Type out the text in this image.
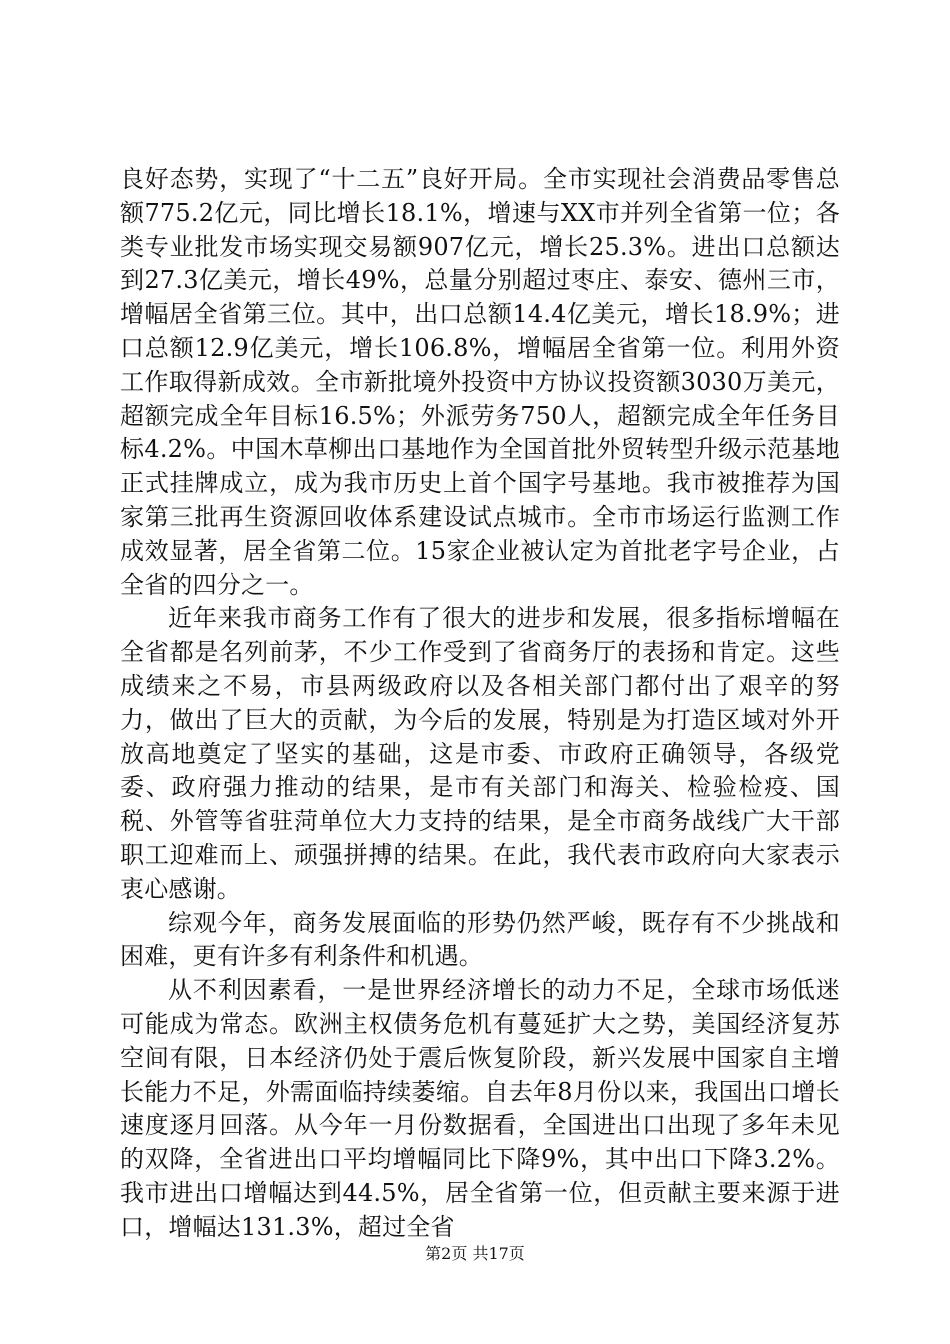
良好态势，实现了“十二五”良好开局。全市实现社会消费品零售总额775.2亿元，同比增长18.1%，增速与XX市并列全省第一位；各类专业批发市场实现交易额907亿元，增长25.3%。进出口总额达到27.3亿美元，增长49%，总量分别超过枣庄、泰安、德州三市，增幅居全省第三位。其中，出口总额14.4亿美元，增长18.9%；进口总额12.9亿美元，增长106.8%，增幅居全省第一位。利用外资工作取得新成效。全市新批境外投资中方协议投资额3030万美元，超额完成全年目标16.5%；外派劳务750人，超额完成全年任务目标4.2%。中国木草柳出口基地作为全国首批外贸转型升级示范基地正式挂牌成立，成为我市历史上首个国字号基地。我市被推荐为国家第三批再生资源回收体系建设试点城市。全市市场运行监测工作成效显著，居全省第二位。15家企业被认定为首批老字号企业，占全省的四分之一。

近年来我市商务工作有了很大的进步和发展，很多指标增幅在全省都是名列前茅，不少工作受到了省商务厅的表扬和肯定。这些成绩来之不易，市县两级政府以及各相关部门都付出了艰辛的努力，做出了巨大的贡献，为今后的发展，特别是为打造区域对外开放高地奠定了坚实的基础，这是市委、市政府正确领导，各级党委、政府强力推动的结果，是市有关部门和海关、检验检疫、国税、外管等省驻菏单位大力支持的结果，是全市商务战线广大干部职工迎难而上、顽强拼搏的结果。在此，我代表市政府向大家表示衷心感谢。

综观今年，商务发展面临的形势仍然严峻，既存有不少挑战和困难，更有许多有利条件和机遇。

从不利因素看，一是世界经济增长的动力不足，全球市场低迷可能成为常态。欧洲主权债务危机有蔓延扩大之势，美国经济复苏空间有限，日本经济仍处于震后恢复阶段，新兴发展中国家自主增长能力不足，外需面临持续萎缩。自去年8月份以来，我国出口增长速度逐月回落。从今年一月份数据看，全国进出口出现了多年未见的双降，全省进出口平均增幅同比下降9%，其中出口下降3.2%。我市进出口增幅达到44.5%，居全省第一位，但贡献主要来源于进口，增幅达131.3%，超过全省

第2页 共17页
